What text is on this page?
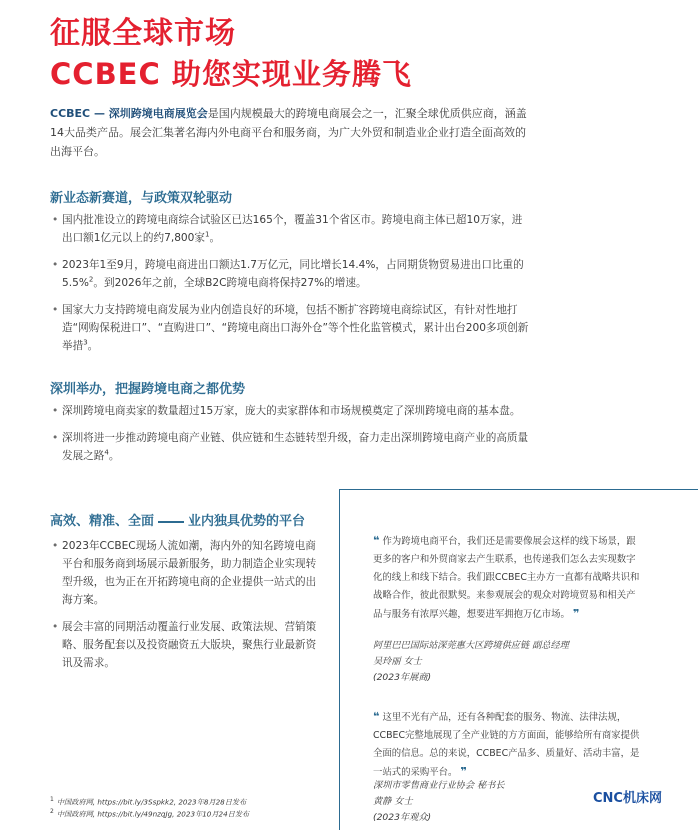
征服全球市场
CCBEC 助您实现业务腾飞

CCBEC — 深圳跨境电商展览会是国内规模最大的跨境电商展会之一，汇聚全球优质供应商，涵盖14大品类产品。展会汇集著名海内外电商平台和服务商，为广大外贸和制造业企业打造全面高效的出海平台。

新业态新赛道，与政策双轮驱动
• 国内批准设立的跨境电商综合试验区已达165个，覆盖31个省区市。跨境电商主体已超10万家，进出口额1亿元以上的约7,800家$^1$。
• 2023年1至9月，跨境电商进出口额达1.7万亿元，同比增长14.4%，占同期货物贸易进出口比重的5.5%$^2$。到2026年之前，全球B2C跨境电商将保持27%的增速。
• 国家大力支持跨境电商发展为业内创造良好的环境，包括不断扩容跨境电商综试区，有针对性地打造“网购保税进口”、“直购进口”、“跨境电商出口海外仓”等个性化监管模式，累计出台200多项创新举措$^3$。
深圳举办，把握跨境电商之都优势
• 深圳跨境电商卖家的数量超过15万家，庞大的卖家群体和市场规模奠定了深圳跨境电商的基本盘。
• 深圳将进一步推动跨境电商产业链、供应链和生态链转型升级，奋力走出深圳跨境电商产业的高质量发展之路$^4$。
高效、精准、全面	业内独具优势的平台
• 2023年CCBEC现场人流如潮，海内外的知名跨境电商平台和服务商到场展示最新服务，助力制造企业实现转型升级，也为正在开拓跨境电商的企业提供一站式的出海方案。
• 展会丰富的同期活动覆盖行业发展、政策法规、营销策略、服务配套以及投资融资五大版块，聚焦行业最新资讯及需求。

❝ 作为跨境电商平台，我们还是需要像展会这样的线下场景，跟更多的客户和外贸商家去产生联系，也传递我们怎么去实现数字化的线上和线下结合。我们跟CCBEC主办方一直都有战略共识和战略合作，彼此很默契。来参观展会的观众对跨境贸易和相关产品与服务有浓厚兴趣，想要进军拥抱万亿市场。 ❞

阿里巴巴国际站深莞惠大区跨境供应链 副总经理
吴玲丽 女士
(2023年展商)

❝ 这里不光有产品，还有各种配套的服务、物流、法律法规，CCBEC完整地展现了全产业链的方方面面，能够给所有商家提供全面的信息。总的来说，CCBEC产品多、质量好、活动丰富，是一站式的采购平台。 ❞

深圳市零售商业行业协会 秘书长
黄静 女士
(2023年观众)

$^1$ 中国政府网, https://bit.ly/3Sspkk2, 2023年8月28日发布

$^2$ 中国政府网, https://bit.ly/49nzqJg, 2023年10月24日发布

CNC机床网
